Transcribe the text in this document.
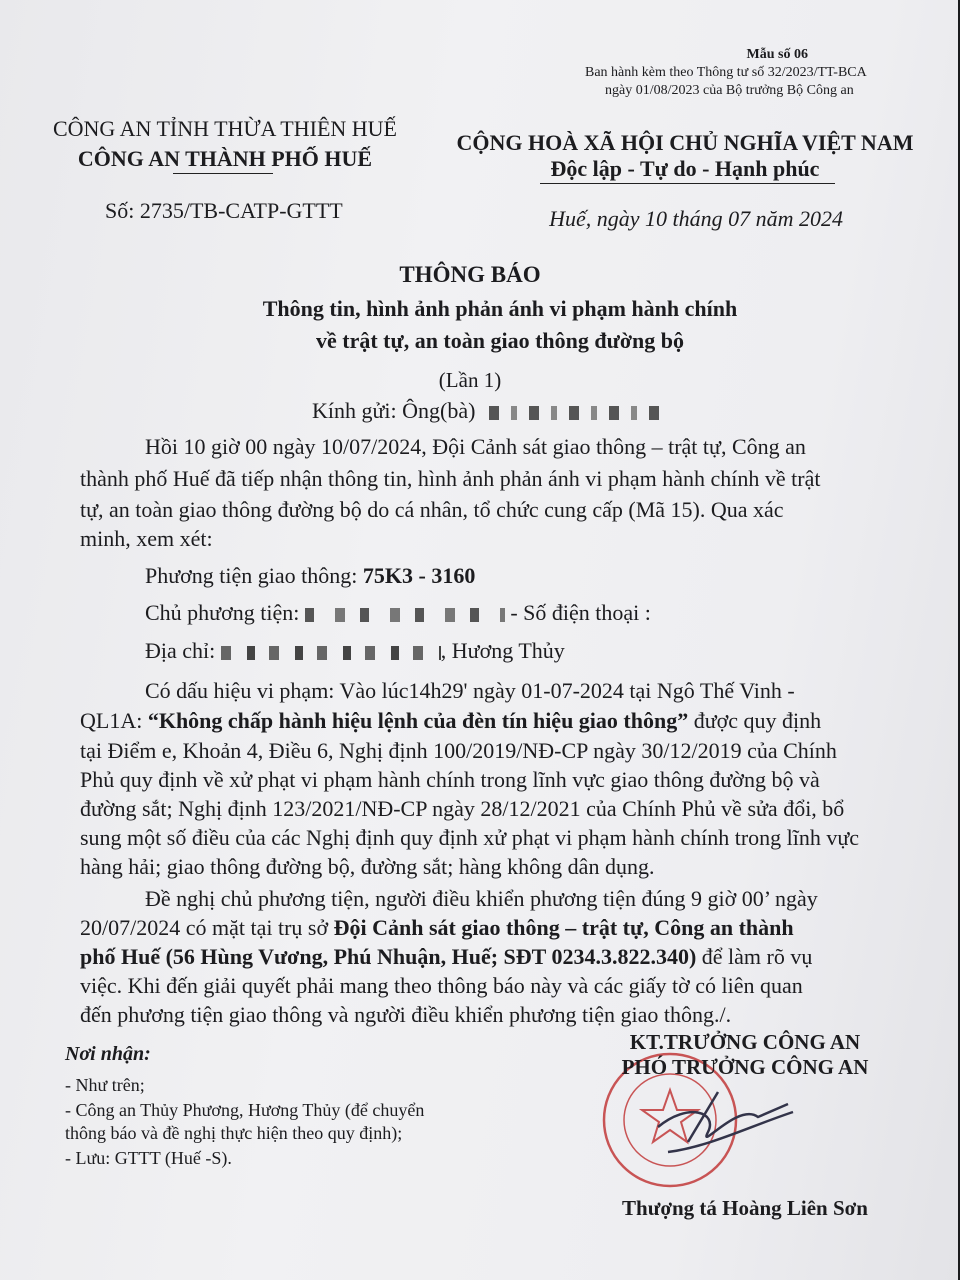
Mẫu số 06
Ban hành kèm theo Thông tư số 32/2023/TT-BCA
ngày 01/08/2023 của Bộ trưởng Bộ Công an
CÔNG AN TỈNH THỪA THIÊN HUẾ
CÔNG AN THÀNH PHỐ HUẾ
Số: 2735/TB-CATP-GTTT
CỘNG HOÀ XÃ HỘI CHỦ NGHĨA VIỆT NAM
Độc lập - Tự do - Hạnh phúc
Huế, ngày 10 tháng 07 năm 2024
THÔNG BÁO
Thông tin, hình ảnh phản ánh vi phạm hành chính
về trật tự, an toàn giao thông đường bộ
(Lần 1)
Kính gửi: Ông(bà)
Hồi 10 giờ 00 ngày 10/07/2024, Đội Cảnh sát giao thông – trật tự, Công an
thành phố Huế đã tiếp nhận thông tin, hình ảnh phản ánh vi phạm hành chính về trật
tự, an toàn giao thông đường bộ do cá nhân, tổ chức cung cấp (Mã 15). Qua xác
minh, xem xét:
Phương tiện giao thông: 75K3 - 3160
Chủ phương tiện:	- Số điện thoại :
Địa chỉ:	, Hương Thủy
Có dấu hiệu vi phạm: Vào lúc14h29' ngày 01-07-2024 tại Ngô Thế Vinh -
QL1A: “Không chấp hành hiệu lệnh của đèn tín hiệu giao thông” được quy định
tại Điểm e, Khoản 4, Điều 6, Nghị định 100/2019/NĐ-CP ngày 30/12/2019 của Chính
Phủ quy định về xử phạt vi phạm hành chính trong lĩnh vực giao thông đường bộ và
đường sắt; Nghị định 123/2021/NĐ-CP ngày 28/12/2021 của Chính Phủ về sửa đổi, bổ
sung một số điều của các Nghị định quy định xử phạt vi phạm hành chính trong lĩnh vực
hàng hải; giao thông đường bộ, đường sắt; hàng không dân dụng.
Đề nghị chủ phương tiện, người điều khiển phương tiện đúng 9 giờ 00’ ngày
20/07/2024 có mặt tại trụ sở Đội Cảnh sát giao thông – trật tự, Công an thành
phố Huế (56 Hùng Vương, Phú Nhuận, Huế; SĐT 0234.3.822.340) để làm rõ vụ
việc. Khi đến giải quyết phải mang theo thông báo này và các giấy tờ có liên quan
đến phương tiện giao thông và người điều khiển phương tiện giao thông./.
Nơi nhận:
- Như trên;
- Công an Thủy Phương, Hương Thủy (để chuyển
thông báo và đề nghị thực hiện theo quy định);
- Lưu: GTTT (Huế -S).
KT.TRƯỞNG CÔNG AN
PHÓ TRƯỞNG CÔNG AN
Thượng tá Hoàng Liên Sơn
